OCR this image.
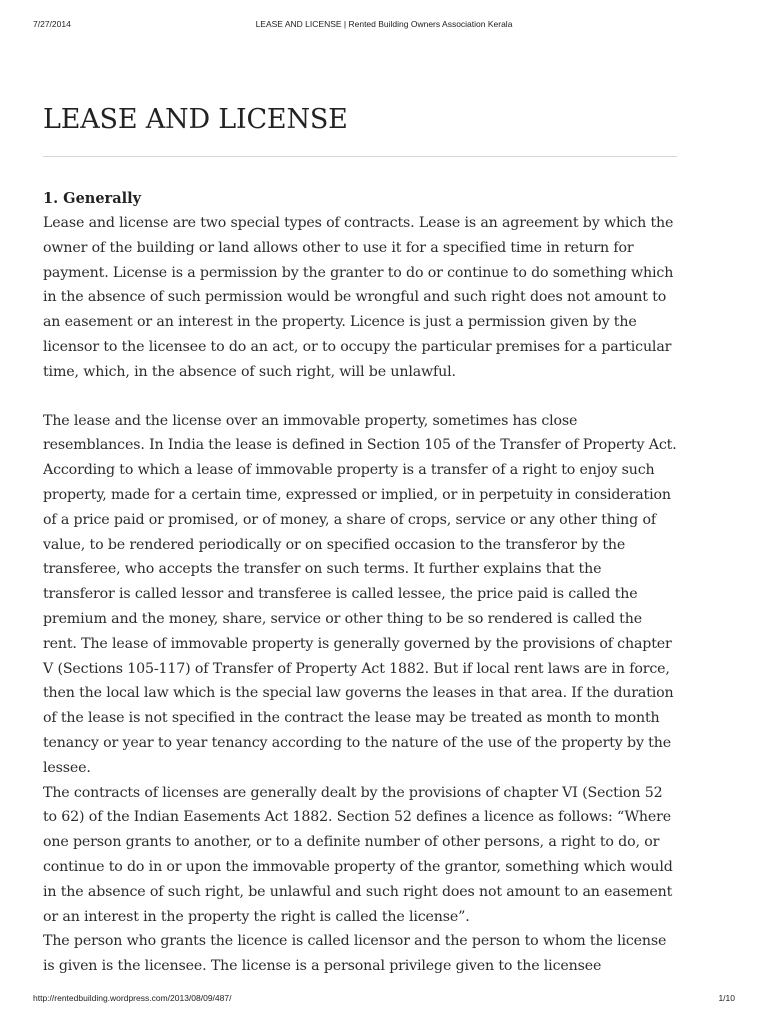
7/27/2014	LEASE AND LICENSE | Rented Building Owners Association Kerala
LEASE AND LICENSE
1. Generally

Lease and license are two special types of contracts. Lease is an agreement by which the owner of the building or land allows other to use it for a specified time in return for payment. License is a permission by the granter to do or continue to do something which in the absence of such permission would be wrongful and such right does not amount to an easement or an interest in the property. Licence is just a permission given by the licensor to the licensee to do an act, or to occupy the particular premises for a particular time, which, in the absence of such right, will be unlawful.

The lease and the license over an immovable property, sometimes has close resemblances. In India the lease is defined in Section 105 of the Transfer of Property Act. According to which a lease of immovable property is a transfer of a right to enjoy such property, made for a certain time, expressed or implied, or in perpetuity in consideration of a price paid or promised, or of money, a share of crops, service or any other thing of value, to be rendered periodically or on specified occasion to the transferor by the transferee, who accepts the transfer on such terms. It further explains that the transferor is called lessor and transferee is called lessee, the price paid is called the premium and the money, share, service or other thing to be so rendered is called the rent. The lease of immovable property is generally governed by the provisions of chapter V (Sections 105-117) of Transfer of Property Act 1882. But if local rent laws are in force, then the local law which is the special law governs the leases in that area. If the duration of the lease is not specified in the contract the lease may be treated as month to month tenancy or year to year tenancy according to the nature of the use of the property by the lessee.

The contracts of licenses are generally dealt by the provisions of chapter VI (Section 52 to 62) of the Indian Easements Act 1882. Section 52 defines a licence as follows: “Where one person grants to another, or to a definite number of other persons, a right to do, or continue to do in or upon the immovable property of the grantor, something which would in the absence of such right, be unlawful and such right does not amount to an easement or an interest in the property the right is called the license”.

The person who grants the licence is called licensor and the person to whom the license is given is the licensee. The license is a personal privilege given to the licensee

http://rentedbuilding.wordpress.com/2013/08/09/487/	1/10
